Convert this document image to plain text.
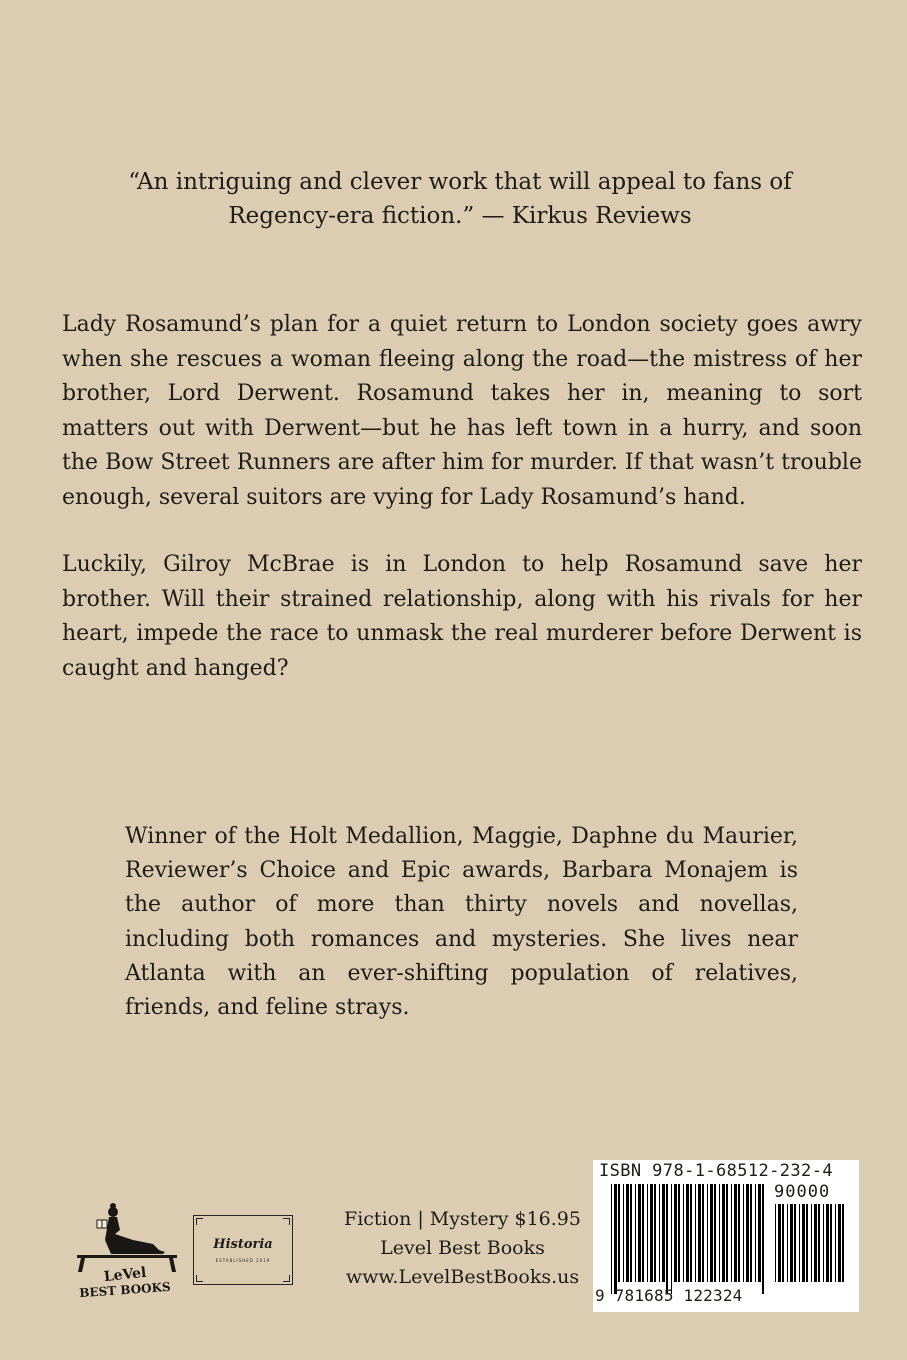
“An intriguing and clever work that will appeal to fans of
Regency-era fiction.” — Kirkus Reviews

Lady Rosamund’s plan for a quiet return to London society goes awry when she rescues a woman fleeing along the road—the mistress of her brother, Lord Derwent. Rosamund takes her in, meaning to sort matters out with Derwent—but he has left town in a hurry, and soon the Bow Street Runners are after him for murder. If that wasn’t trouble enough, several suitors are vying for Lady Rosamund’s hand.

Luckily, Gilroy McBrae is in London to help Rosamund save her brother. Will their strained relationship, along with his rivals for her heart, impede the race to unmask the real murderer before Derwent is caught and hanged?

Winner of the Holt Medallion, Maggie, Daphne du Maurier, Reviewer’s Choice and Epic awards, Barbara Monajem is the author of more than thirty novels and novellas, including both romances and mysteries. She lives near Atlanta with an ever-shifting population of relatives, friends, and feline strays.

LeVel
BEST BOOKS
Historia
ESTABLISHED 2019
Fiction | Mystery $16.95
Level Best Books
www.LevelBestBooks.us
ISBN 978-1-68512-232-4
90000
9 781685 122324
